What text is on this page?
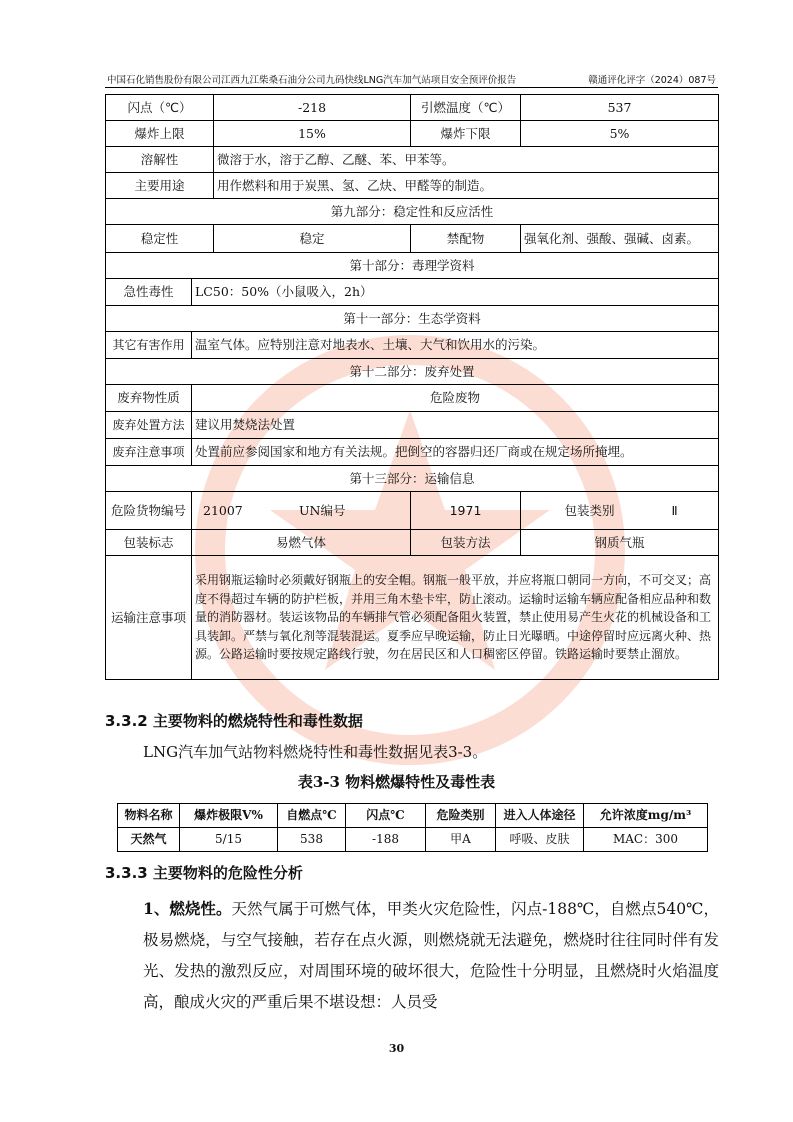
中国石化销售股份有限公司江西九江柴桑石油分公司九码快线LNG汽车加气站项目安全预评价报告	赣通评化评字（2024）087号
闪点（℃）		-218	引燃温度（℃）	537
爆炸上限		15%	爆炸下限	5%
溶解性		微溶于水，溶于乙醇、乙醚、苯、甲苯等。		
主要用途		用作燃料和用于炭黑、氢、乙炔、甲醛等的制造。		
第九部分：稳定性和反应活性				
稳定性		稳定	禁配物	强氧化剂、强酸、强碱、卤素。
第十部分：毒理学资料				
急性毒性	LC50：50%（小鼠吸入，2h）			
第十一部分：生态学资料				
其它有害作用	温室气体。应特别注意对地表水、土壤、大气和饮用水的污染。			
第十二部分：废弃处置				
废弃物性质	危险废物			
废弃处置方法	建议用焚烧法处置			
废弃注意事项	处置前应参阅国家和地方有关法规。把倒空的容器归还厂商或在规定场所掩埋。			
第十三部分：运输信息				
危险货物编号	21007 UN编号		1971	包装类别 Ⅱ
包装标志	易燃气体		包装方法	钢质气瓶
运输注意事项	采用钢瓶运输时必须戴好钢瓶上的安全帽。钢瓶一般平放，并应将瓶口朝同一方向，不可交叉；高度不得超过车辆的防护栏板，并用三角木垫卡牢，防止滚动。运输时运输车辆应配备相应品种和数量的消防器材。装运该物品的车辆排气管必须配备阻火装置，禁止使用易产生火花的机械设备和工具装卸。严禁与氧化剂等混装混运。夏季应早晚运输，防止日光曝晒。中途停留时应远离火种、热源。公路运输时要按规定路线行驶，勿在居民区和人口稠密区停留。铁路运输时要禁止溜放。			
3.3.2 主要物料的燃烧特性和毒性数据
LNG汽车加气站物料燃烧特性和毒性数据见表3-3。
表3-3 物料燃爆特性及毒性表
物料名称	爆炸极限V%	自燃点℃	闪点℃	危险类别	进入人体途径	允许浓度mg/m³
天然气	5/15	538	-188	甲A	呼吸、皮肤	MAC：300
3.3.3 主要物料的危险性分析
1、燃烧性。天然气属于可燃气体，甲类火灾危险性，闪点-188℃，自燃点540℃，极易燃烧，与空气接触，若存在点火源，则燃烧就无法避免，燃烧时往往同时伴有发光、发热的激烈反应，对周围环境的破坏很大，危险性十分明显，且燃烧时火焰温度高，酿成火灾的严重后果不堪设想：人员受
30
